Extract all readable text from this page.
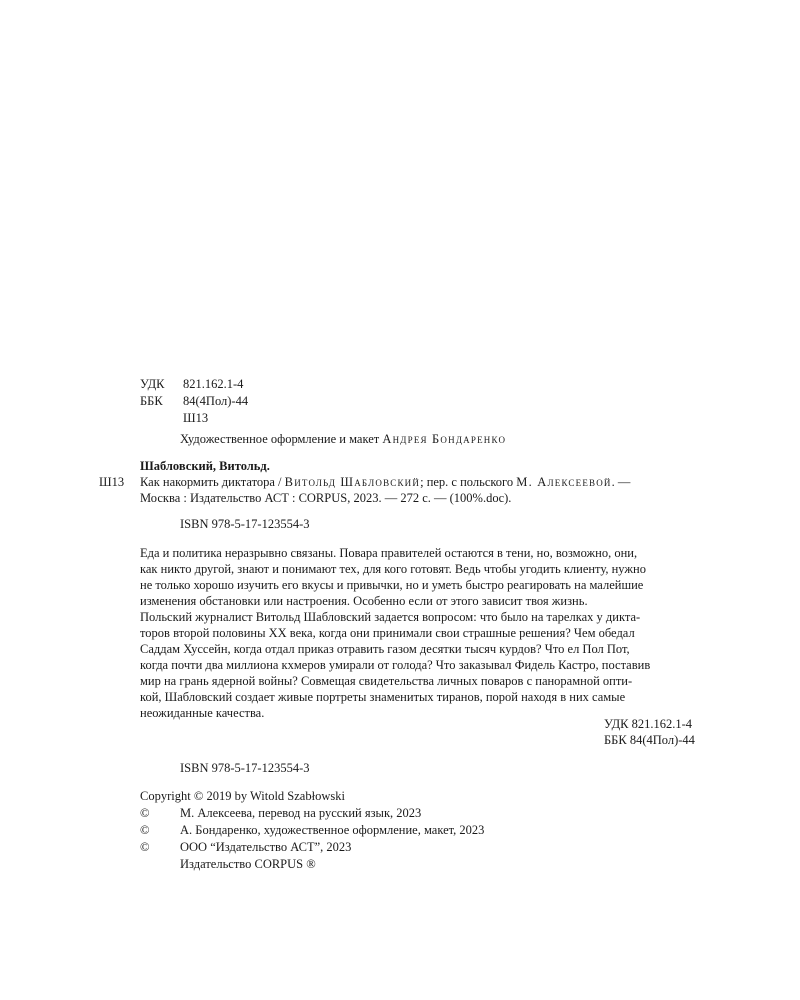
УДК	821.162.1-4
ББК	84(4Пол)-44
Ш13
Художественное оформление и макет Андрея Бондаренко
Шабловский, Витольд.
Ш13	Как накормить диктатора / Витольд Шабловский; пер. с польского М. Алексеевой. —
Москва : Издательство АСТ : CORPUS, 2023. — 272 с. — (100%.doc).
ISBN 978-5-17-123554-3

Еда и политика неразрывно связаны. Повара правителей остаются в тени, но, возможно, они,
как никто другой, знают и понимают тех, для кого готовят. Ведь чтобы угодить клиенту, нужно
не только хорошо изучить его вкусы и привычки, но и уметь быстро реагировать на малейшие
изменения обстановки или настроения. Особенно если от этого зависит твоя жизнь.

Польский журналист Витольд Шабловский задается вопросом: что было на тарелках у дикта-
торов второй половины XX века, когда они принимали свои страшные решения? Чем обедал
Саддам Хуссейн, когда отдал приказ отравить газом десятки тысяч курдов? Что ел Пол Пот,
когда почти два миллиона кхмеров умирали от голода? Что заказывал Фидель Кастро, поставив
мир на грань ядерной войны? Совмещая свидетельства личных поваров с панорамной опти-
кой, Шабловский создает живые портреты знаменитых тиранов, порой находя в них самые
неожиданные качества.

УДК 821.162.1-4
ББК 84(4Пол)-44
ISBN 978-5-17-123554-3
Copyright © 2019 by Witold Szabłowski
©	М. Алексеева, перевод на русский язык, 2023
©	А. Бондаренко, художественное оформление, макет, 2023
©	ООО “Издательство АСТ”, 2023
Издательство CORPUS ®
